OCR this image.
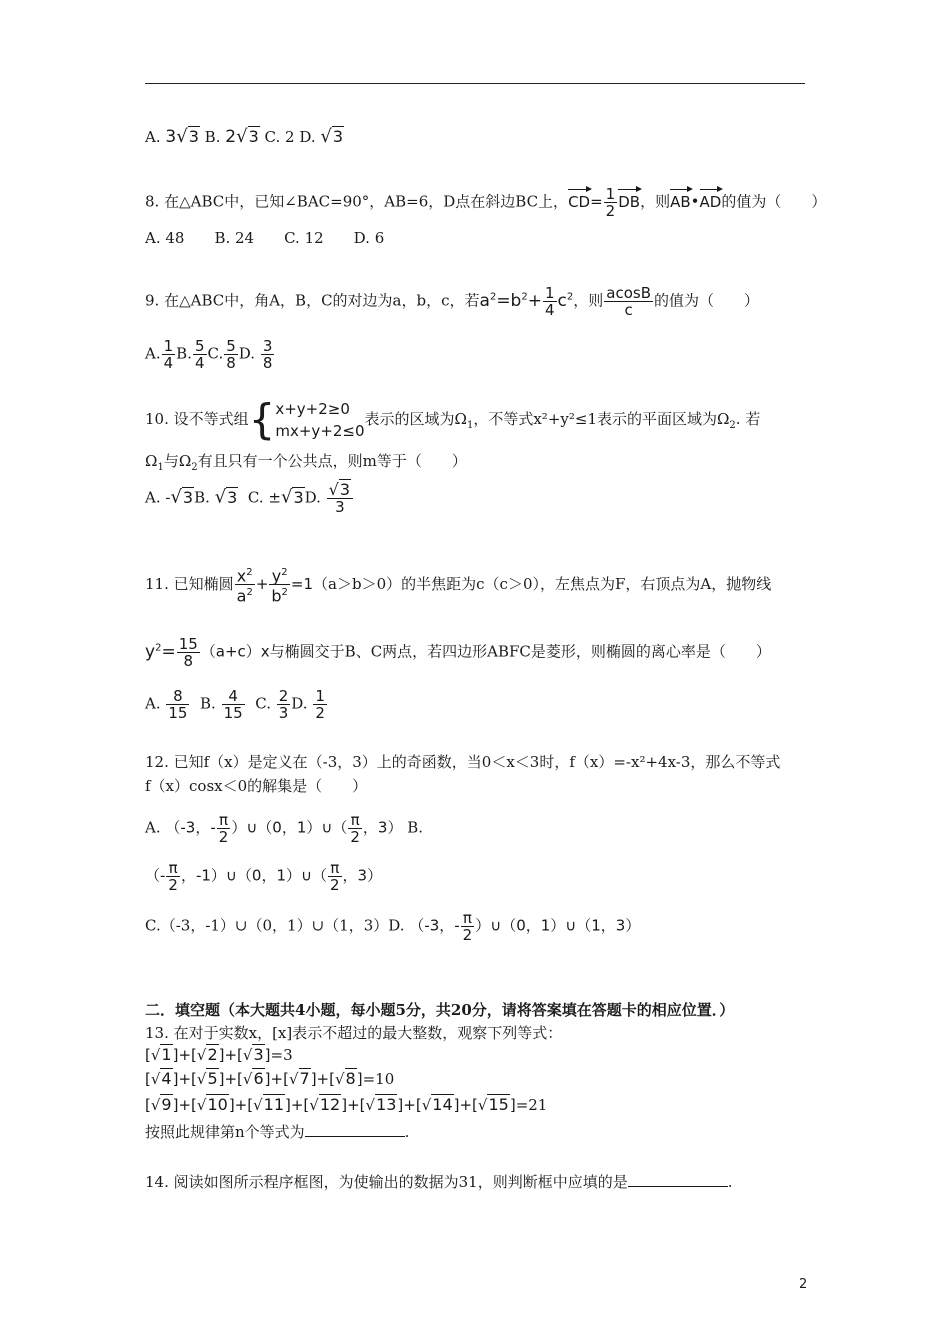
A. 3√3 B. 2√3 C. 2 D. √3
8. 在△ABC中，已知∠BAC=90°，AB=6，D点在斜边BC上，$CD= \frac{1}{2}$ DB，则AB•AD的值为（　　）
A. 48　　B. 24　　C. 12　　D. 6
9. 在△ABC中，角A，B，C的对边为a，b，c，若$a^2=b^2+ \frac{1}{4} c^2$，则 $\frac{acosB}{c}$ 的值为（　　）
A. $\frac{1}{4} B$. $\frac{5}{4} C$. $\frac{5}{8} D$. $\frac{3}{8}$
10. 设不等式组{ x+y+2≥0
mx+y+2≤0
表示的区域为$\Omega_1$，不等式x²+y²≤1表示的平面区域为$\Omega_2$. 若
$\Omega_1$与$\Omega_2$有且只有一个公共点，则m等于（　　）
A. -√3B. √3 C. ±√3D. $\frac{√3}{3}$
11. 已知椭圆 $\frac{x^2}{a^2} + \frac{y^2}{b^2} =1(a>b>0)$的半焦距为c（c＞0），左焦点为F，右顶点为A，抛物线
$y^2= \frac{15}{8} (a+c)x$与椭圆交于B、C两点，若四边形ABFC是菱形，则椭圆的离心率是（　　）
A. $\frac{8}{15} B$. $\frac{4}{15} C$. $\frac{2}{3} D$. $\frac{1}{2}$
12. 已知f（x）是定义在（-3，3）上的奇函数，当0＜x＜3时，f（x）=-x²+4x-3，那么不等式
f（x）cosx＜0的解集是（　　）
A. （-3，- $\frac{\pi}{2}$ ）∪（0，1）∪（ $\frac{\pi}{2}$ ，3） B.
（- $\frac{\pi}{2}$ ，-1）∪（0，1）∪（ $\frac{\pi}{2}$ ，3）
C.（-3，-1）∪（0，1）∪（1，3）D. （-3，- $\frac{\pi}{2}$ ）∪（0，1）∪（1，3）
二．填空题（本大题共4小题，每小题5分，共20分，请将答案填在答题卡的相应位置．）
13. 在对于实数x，[x]表示不超过的最大整数，观察下列等式：
[√1]+[√2]+[√3]=3
[√4]+[√5]+[√6]+[√7]+[√8]=10
[√9]+[√10]+[√11]+[√12]+[√13]+[√14]+[√15]=21
按照此规律第n个等式为	.
14. 阅读如图所示程序框图，为使输出的数据为31，则判断框中应填的是	.
2
